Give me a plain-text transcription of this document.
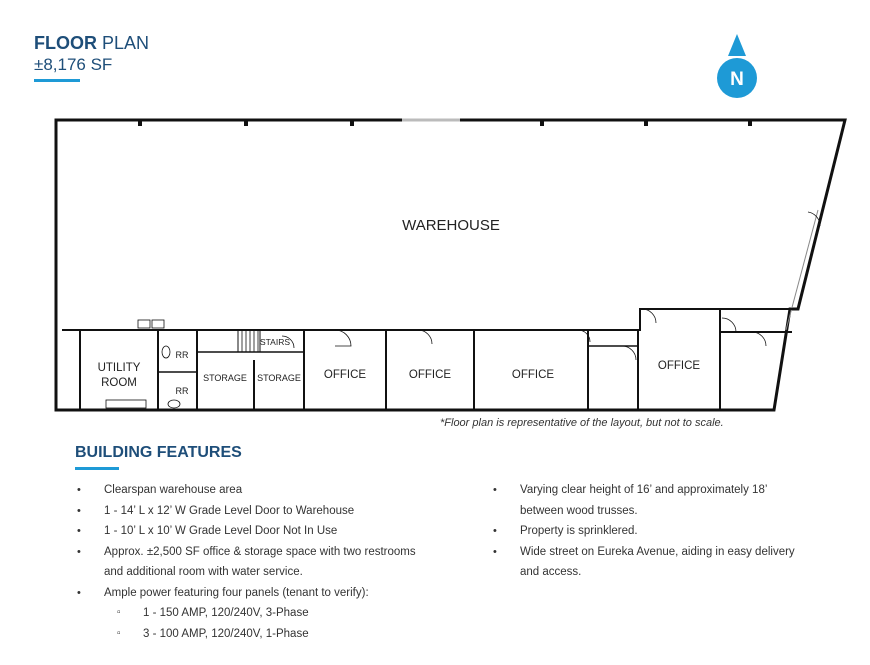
FLOOR PLAN
±8,176 SF
N
WAREHOUSE
UTILITY
ROOM
RR
RR
STAIRS
STORAGE STORAGE OFFICE	OFFICE	OFFICE
OFFICE
*Floor plan is representative of the layout, but not to scale.
BUILDING FEATURES
• Clearspan warehouse area
• 1 - 14’ L x 12’ W Grade Level Door to Warehouse
• 1 - 10’ L x 10’ W Grade Level Door Not In Use
• Approx. ±2,500 SF office & storage space with two restrooms and additional room with water service.
• Ample power featuring four panels (tenant to verify):
▫ 1 - 150 AMP, 120/240V, 3-Phase
▫ 3 - 100 AMP, 120/240V, 1-Phase
• Varying clear height of 16’ and approximately 18’ between wood trusses.
• Property is sprinklered.
• Wide street on Eureka Avenue, aiding in easy delivery and access.
